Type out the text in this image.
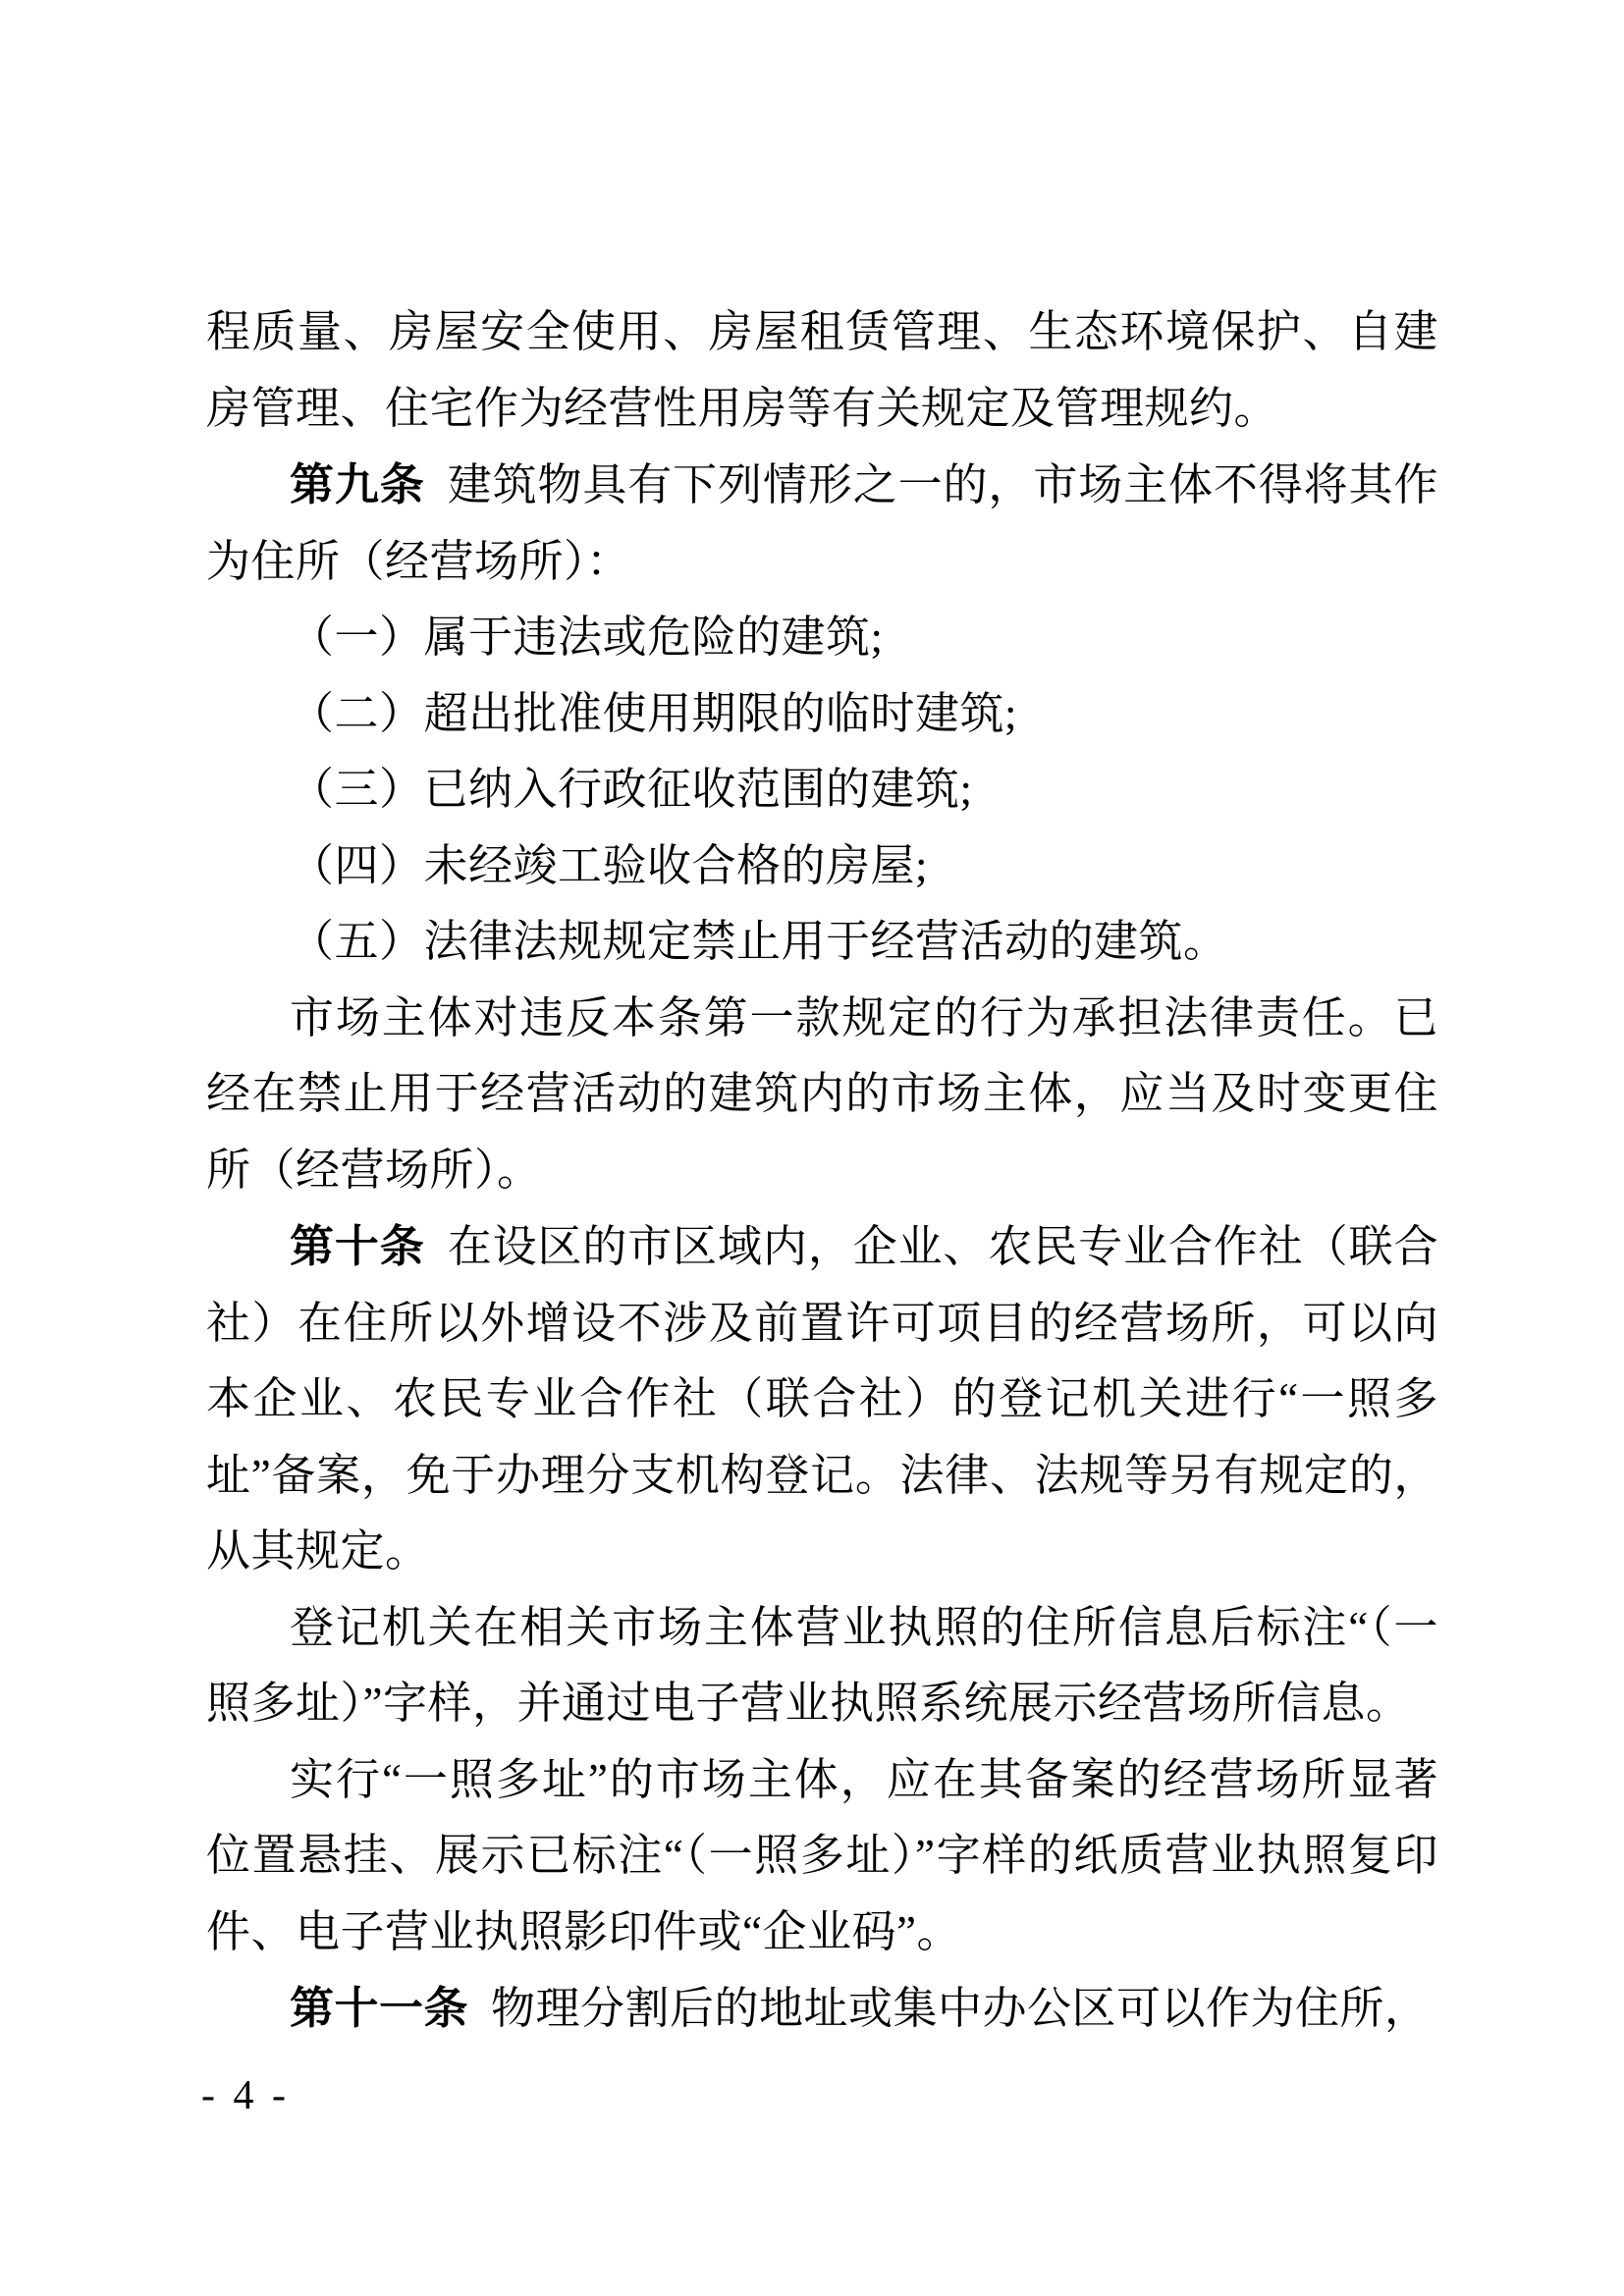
程质量、房屋安全使用、房屋租赁管理、生态环境保护、自建房管理、住宅作为经营性用房等有关规定及管理规约。

第九条 建筑物具有下列情形之一的，市场主体不得将其作为住所（经营场所）：

（一）属于违法或危险的建筑;

（二）超出批准使用期限的临时建筑;

（三）已纳入行政征收范围的建筑;

（四）未经竣工验收合格的房屋;

（五）法律法规规定禁止用于经营活动的建筑。

市场主体对违反本条第一款规定的行为承担法律责任。已经在禁止用于经营活动的建筑内的市场主体，应当及时变更住所（经营场所）。

第十条 在设区的市区域内，企业、农民专业合作社（联合社）在住所以外增设不涉及前置许可项目的经营场所，可以向本企业、农民专业合作社（联合社）的登记机关进行“一照多址”备案，免于办理分支机构登记。法律、法规等另有规定的，从其规定。

登记机关在相关市场主体营业执照的住所信息后标注“（一照多址）”字样，并通过电子营业执照系统展示经营场所信息。

实行“一照多址”的市场主体，应在其备案的经营场所显著位置悬挂、展示已标注“（一照多址）”字样的纸质营业执照复印件、电子营业执照影印件或“企业码”。

第十一条 物理分割后的地址或集中办公区可以作为住所，

- 4 -
